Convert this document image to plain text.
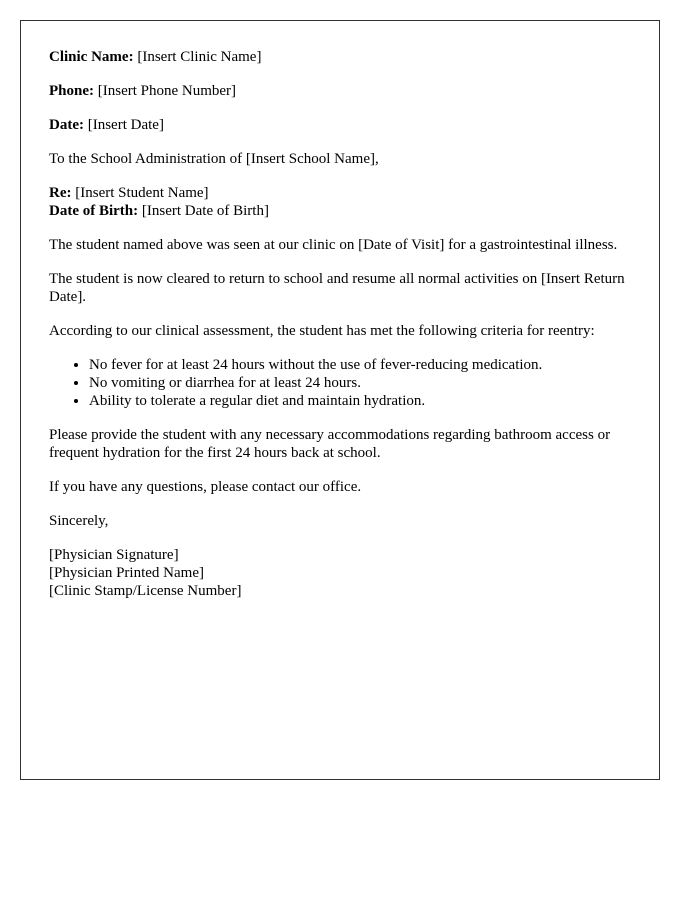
Clinic Name: [Insert Clinic Name]

Phone: [Insert Phone Number]

Date: [Insert Date]

To the School Administration of [Insert School Name],

Re: [Insert Student Name]

Date of Birth: [Insert Date of Birth]

The student named above was seen at our clinic on [Date of Visit] for a gastrointestinal illness.

The student is now cleared to return to school and resume all normal activities on [Insert Return Date].

According to our clinical assessment, the student has met the following criteria for reentry:

• No fever for at least 24 hours without the use of fever-reducing medication.
• No vomiting or diarrhea for at least 24 hours.
• Ability to tolerate a regular diet and maintain hydration.

Please provide the student with any necessary accommodations regarding bathroom access or frequent hydration for the first 24 hours back at school.

If you have any questions, please contact our office.

Sincerely,

[Physician Signature]

[Physician Printed Name]

[Clinic Stamp/License Number]
